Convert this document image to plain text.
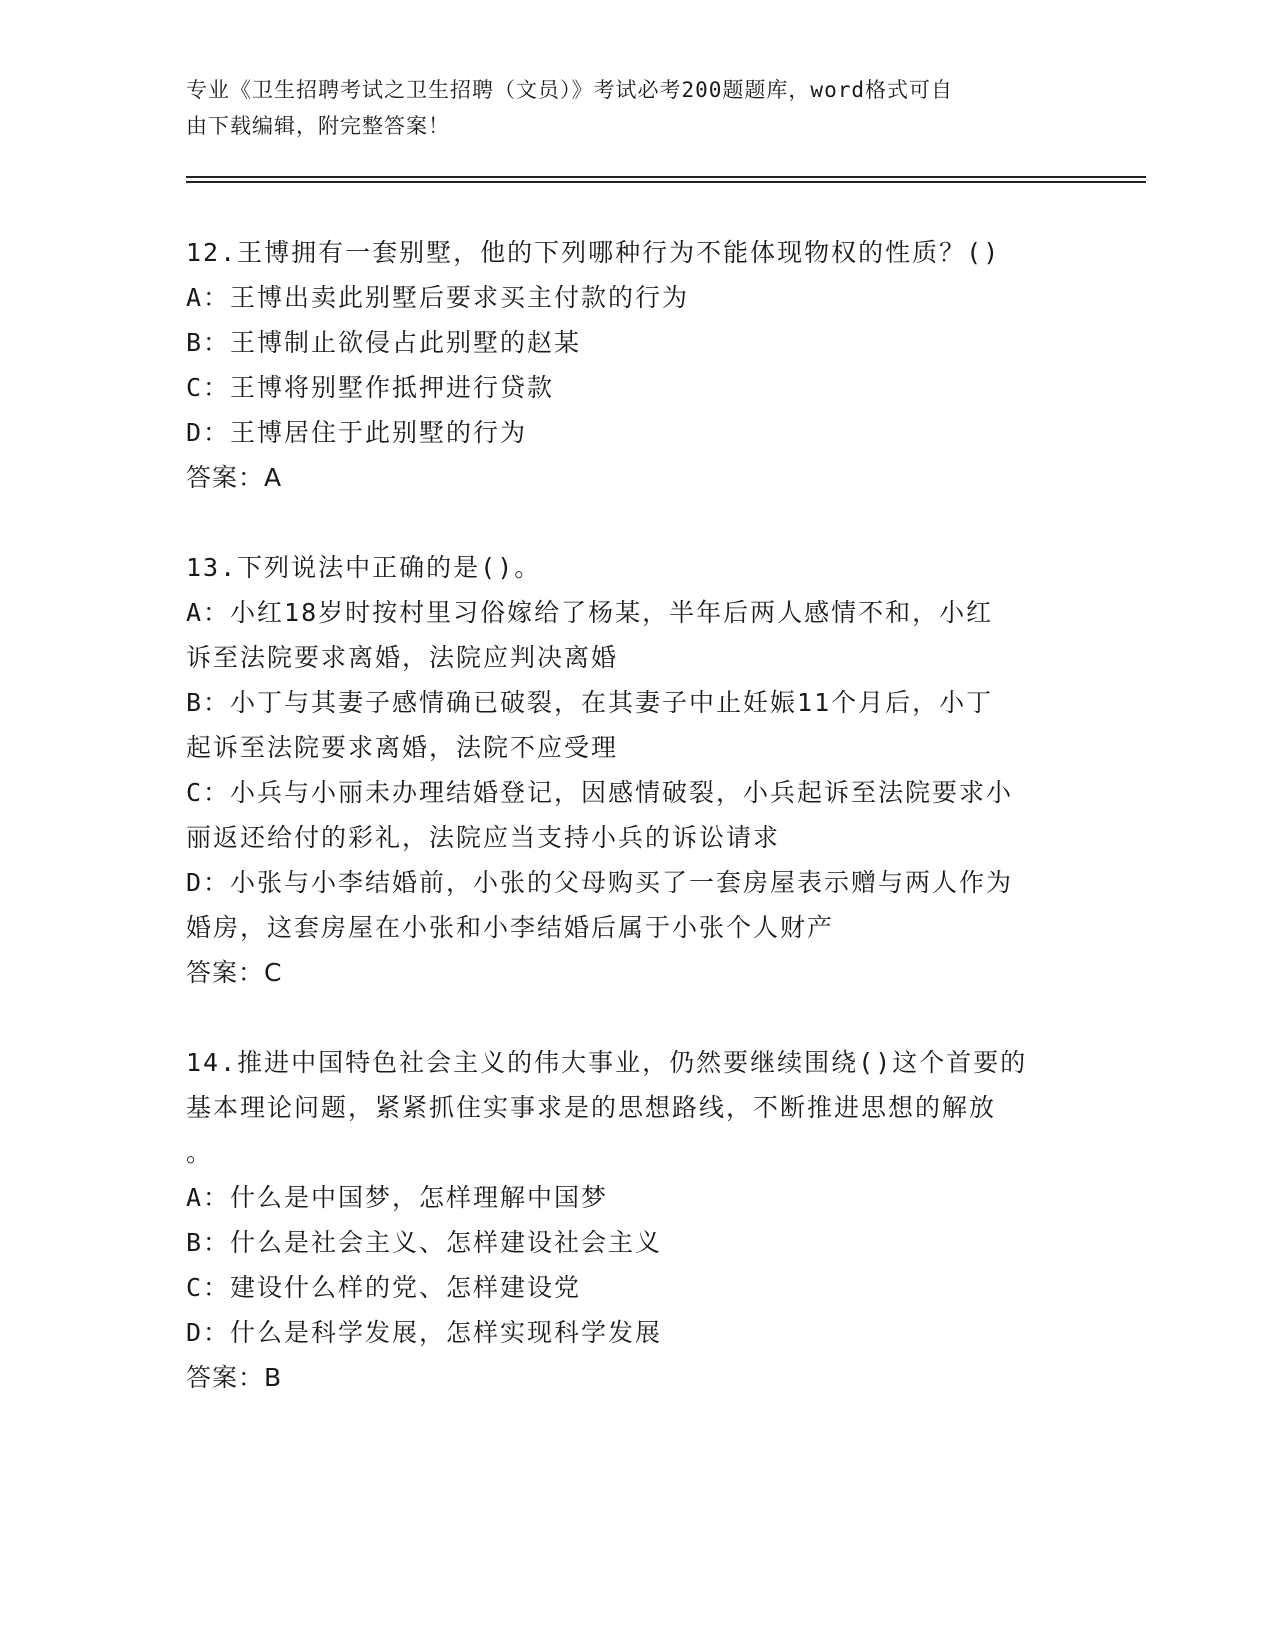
专业《卫生招聘考试之卫生招聘（文员）》考试必考200题题库，word格式可自
由下载编辑，附完整答案！
12.王博拥有一套别墅，他的下列哪种行为不能体现物权的性质？()
A：王博出卖此别墅后要求买主付款的行为
B：王博制止欲侵占此别墅的赵某
C：王博将别墅作抵押进行贷款
D：王博居住于此别墅的行为
答案：A
13.下列说法中正确的是()。
A：小红18岁时按村里习俗嫁给了杨某，半年后两人感情不和，小红
诉至法院要求离婚，法院应判决离婚
B：小丁与其妻子感情确已破裂，在其妻子中止妊娠11个月后，小丁
起诉至法院要求离婚，法院不应受理
C：小兵与小丽未办理结婚登记，因感情破裂，小兵起诉至法院要求小
丽返还给付的彩礼，法院应当支持小兵的诉讼请求
D：小张与小李结婚前，小张的父母购买了一套房屋表示赠与两人作为
婚房，这套房屋在小张和小李结婚后属于小张个人财产
答案：C
14.推进中国特色社会主义的伟大事业，仍然要继续围绕()这个首要的
基本理论问题，紧紧抓住实事求是的思想路线，不断推进思想的解放
。
A：什么是中国梦，怎样理解中国梦
B：什么是社会主义、怎样建设社会主义
C：建设什么样的党、怎样建设党
D：什么是科学发展，怎样实现科学发展
答案：B
